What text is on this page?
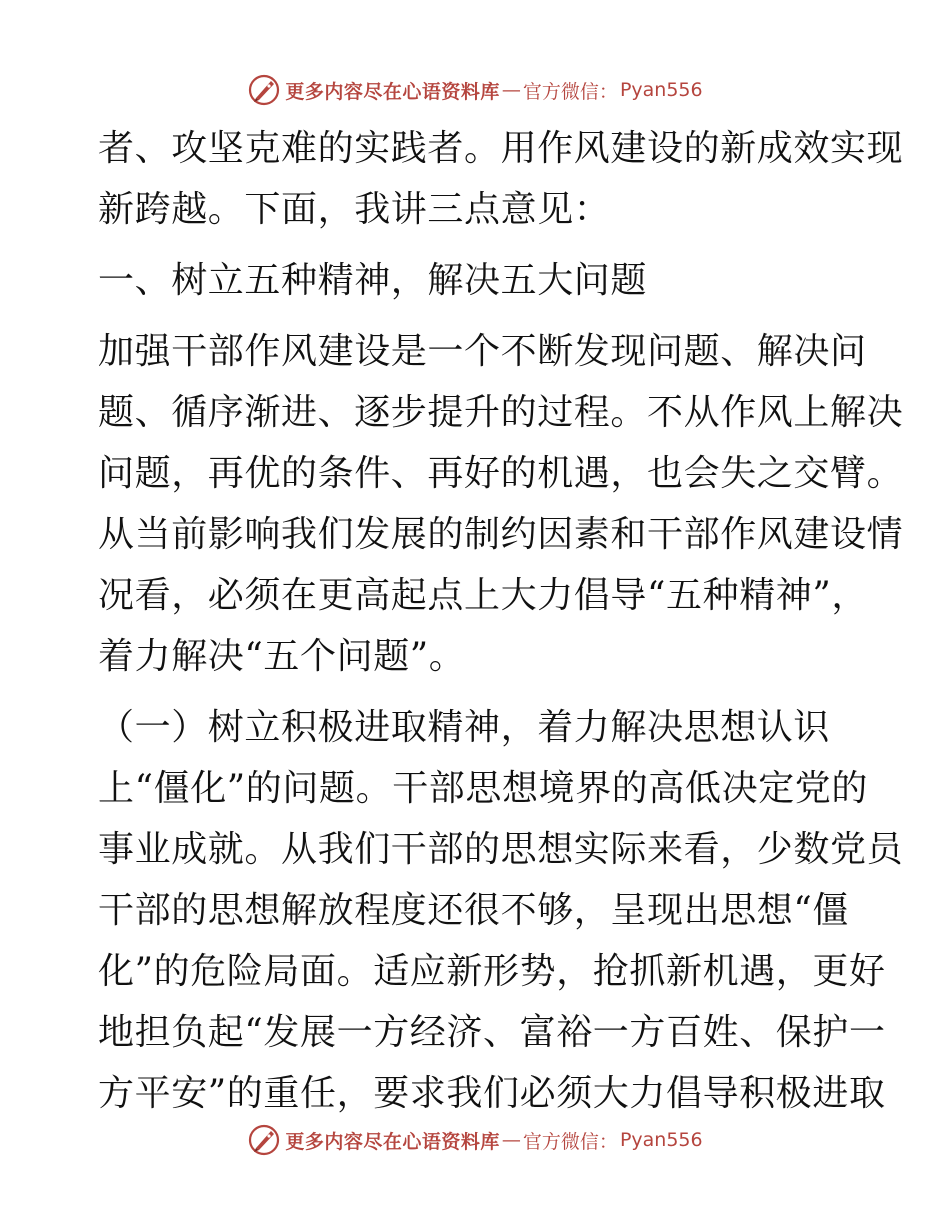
更多内容尽在心语资料库 — 官方微信： Pyan556
者、攻坚克难的实践者。用作风建设的新成效实现
新跨越。下面，我讲三点意见：
一、树立五种精神，解决五大问题
加强干部作风建设是一个不断发现问题、解决问
题、循序渐进、逐步提升的过程。不从作风上解决
问题，再优的条件、再好的机遇，也会失之交臂。
从当前影响我们发展的制约因素和干部作风建设情
况看，必须在更高起点上大力倡导“五种精神”，
着力解决“五个问题”。
（一）树立积极进取精神，着力解决思想认识
上“僵化”的问题。干部思想境界的高低决定党的
事业成就。从我们干部的思想实际来看，少数党员
干部的思想解放程度还很不够，呈现出思想“僵
化”的危险局面。适应新形势，抢抓新机遇，更好
地担负起“发展一方经济、富裕一方百姓、保护一
方平安”的重任，要求我们必须大力倡导积极进取
更多内容尽在心语资料库 — 官方微信： Pyan556
